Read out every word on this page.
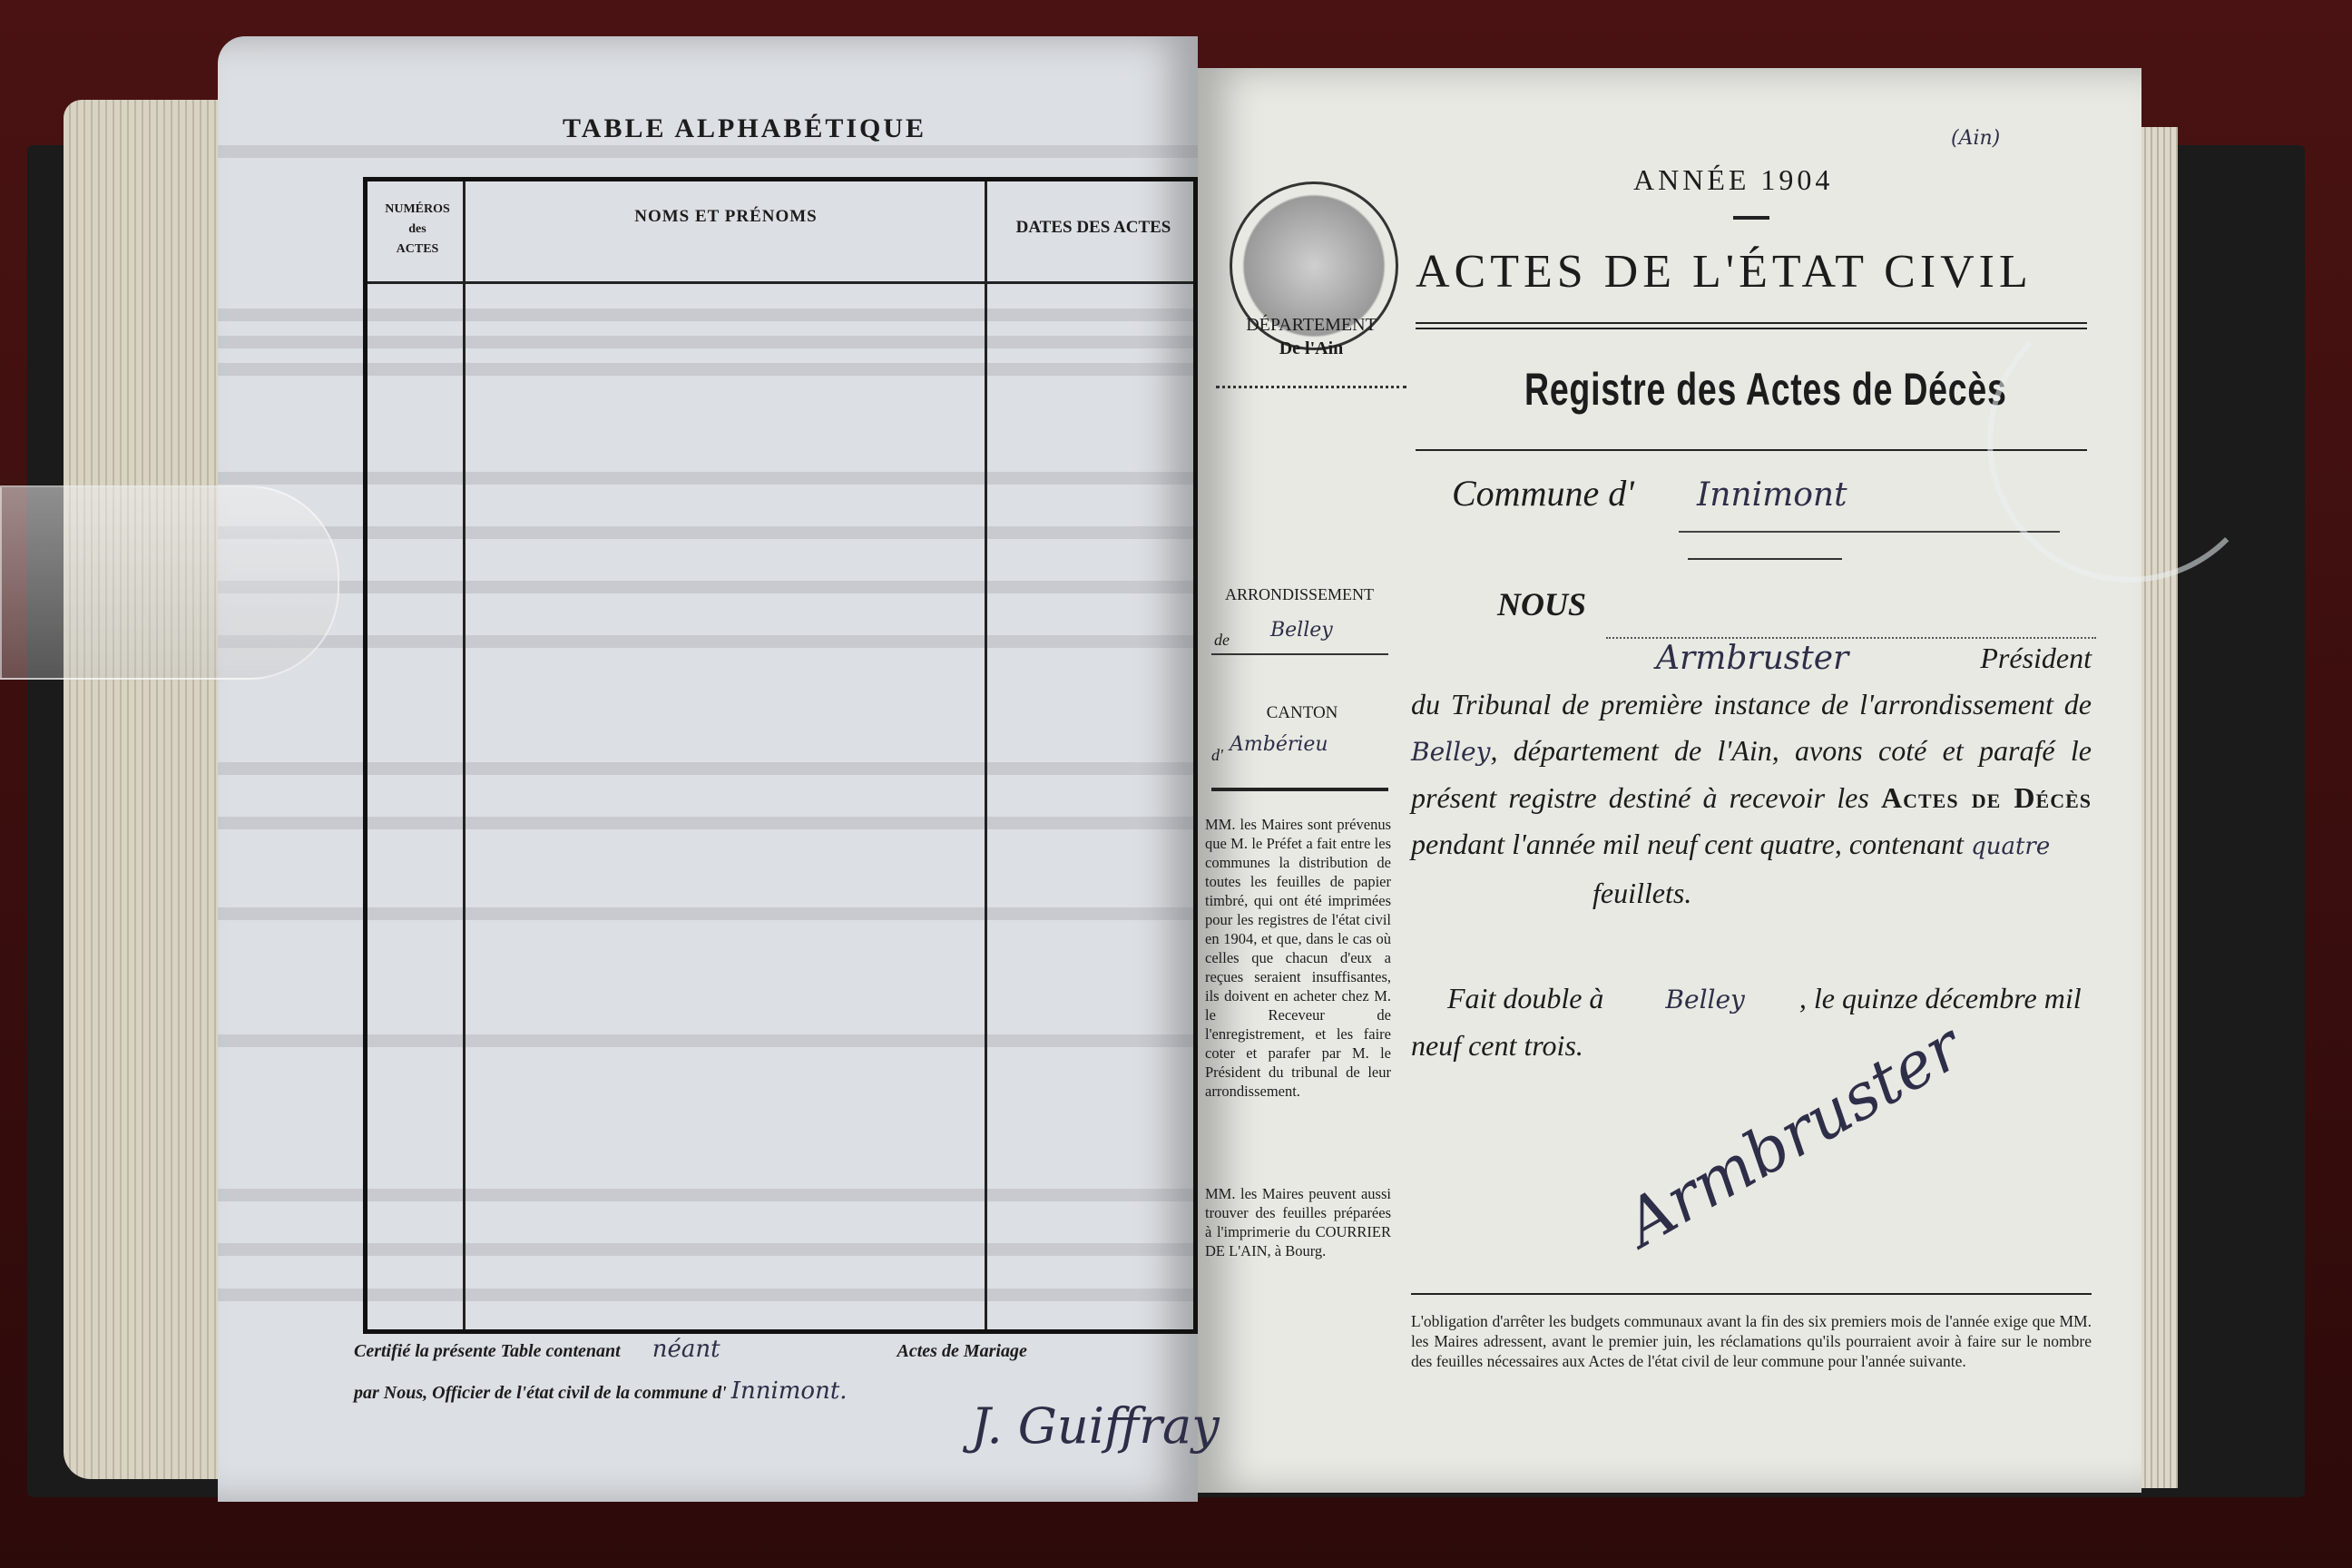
TABLE ALPHABÉTIQUE
NUMÉROS
des
ACTES
NOMS ET PRÉNOMS
DATES DES ACTES
Certifié la présente Table contenant néant	Actes de Mariage
par Nous, Officier de l'état civil de la commune d' Innimont.
J. Guiffray
(Ain)
ANNÉE 1904
DÉPARTEMENT
De l'Ain
ACTES DE L'ÉTAT CIVIL
Registre des Actes de Décès
Commune d' Innimont
ARRONDISSEMENT
de Belley
CANTON
d' Ambérieu
MM. les Maires sont prévenus que M. le Préfet a fait entre les communes la distribution de toutes les feuilles de papier timbré, qui ont été imprimées pour les registres de l'état civil en 1904, et que, dans le cas où celles que chacun d'eux a reçues seraient insuffisantes, ils doivent en acheter chez M. le Receveur de l'enregistrement, et les faire coter et parafer par M. le Président du tribunal de leur arrondissement.
MM. les Maires peuvent aussi trouver des feuilles préparées à l'imprimerie du COURRIER DE L'AIN, à Bourg.
NOUS
Armbruster	Président
du Tribunal de première instance de l'arrondissement de Belley, département de l'Ain, avons coté et parafé le présent registre destiné à recevoir les Actes de Décès pendant l'année mil neuf cent quatre, contenant quatre
feuillets.
Fait double à Belley , le quinze décembre mil neuf cent trois. Armbruster
L'obligation d'arrêter les budgets communaux avant la fin des six premiers mois de l'année exige que MM. les Maires adressent, avant le premier juin, les réclamations qu'ils pourraient avoir à faire sur le nombre des feuilles nécessaires aux Actes de l'état civil de leur commune pour l'année suivante.
